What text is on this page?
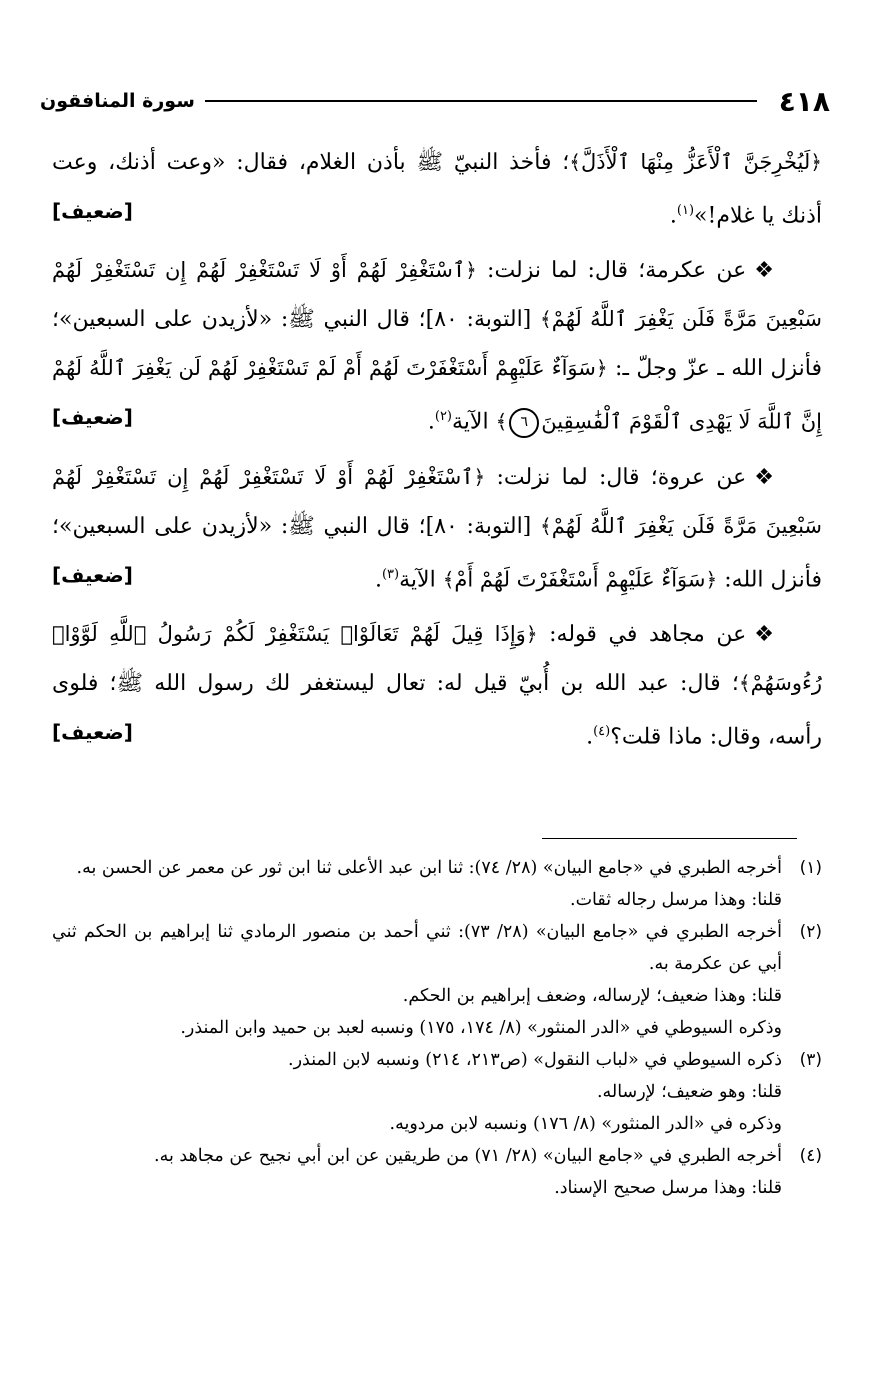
٤١٨
سورة المنافقون

﴿لَيُخْرِجَنَّ ٱلْأَعَزُّ مِنْهَا ٱلْأَذَلَّ﴾؛ فأخذ النبيّ ﷺ بأذن الغلام، فقال: «وعت أذنك، وعت أذنك يا غلام!»$^{(١)}$.
[ضعيف]

❖عن عكرمة؛ قال: لما نزلت: ﴿ٱسْتَغْفِرْ لَهُمْ أَوْ لَا تَسْتَغْفِرْ لَهُمْ إِن تَسْتَغْفِرْ لَهُمْ سَبْعِينَ مَرَّةً فَلَن يَغْفِرَ ٱللَّهُ لَهُمْ﴾ [التوبة: ٨٠]؛ قال النبي ﷺ: «لأزيدن على السبعين»؛ فأنزل الله ـ عزّ وجلّ ـ: ﴿سَوَآءٌ عَلَيْهِمْ أَسْتَغْفَرْتَ لَهُمْ أَمْ لَمْ تَسْتَغْفِرْ لَهُمْ لَن يَغْفِرَ ٱللَّهُ لَهُمْ إِنَّ ٱللَّهَ لَا يَهْدِى ٱلْقَوْمَ ٱلْفَٰسِقِينَ٦﴾ الآية$^{(٢)}$.
[ضعيف]

❖عن عروة؛ قال: لما نزلت: ﴿ٱسْتَغْفِرْ لَهُمْ أَوْ لَا تَسْتَغْفِرْ لَهُمْ إِن تَسْتَغْفِرْ لَهُمْ سَبْعِينَ مَرَّةً فَلَن يَغْفِرَ ٱللَّهُ لَهُمْ﴾ [التوبة: ٨٠]؛ قال النبي ﷺ: «لأزيدن على السبعين»؛ فأنزل الله: ﴿سَوَآءٌ عَلَيْهِمْ أَسْتَغْفَرْتَ لَهُمْ أَمْ﴾ الآية$^{(٣)}$.
[ضعيف]

❖عن مجاهد في قوله: ﴿وَإِذَا قِيلَ لَهُمْ تَعَالَوْا۟ يَسْتَغْفِرْ لَكُمْ رَسُولُ ٱللَّهِ لَوَّوْا۟ رُءُوسَهُمْ﴾؛ قال: عبد الله بن أُبيّ قيل له: تعال ليستغفر لك رسول الله ﷺ؛ فلوى رأسه، وقال: ماذا قلت؟$^{(٤)}$.
[ضعيف]

(١)
أخرجه الطبري في «جامع البيان» (٢٨/ ٧٤): ثنا ابن عبد الأعلى ثنا ابن ثور عن معمر عن الحسن به.
قلنا: وهذا مرسل رجاله ثقات.
(٢)
أخرجه الطبري في «جامع البيان» (٢٨/ ٧٣): ثني أحمد بن منصور الرمادي ثنا إبراهيم بن الحكم ثني أبي عن عكرمة به.
قلنا: وهذا ضعيف؛ لإرساله، وضعف إبراهيم بن الحكم.
وذكره السيوطي في «الدر المنثور» (٨/ ١٧٤، ١٧٥) ونسبه لعبد بن حميد وابن المنذر.
(٣)
ذكره السيوطي في «لباب النقول» (ص٢١٣، ٢١٤) ونسبه لابن المنذر.
قلنا: وهو ضعيف؛ لإرساله.
وذكره في «الدر المنثور» (٨/ ١٧٦) ونسبه لابن مردويه.
(٤)
أخرجه الطبري في «جامع البيان» (٢٨/ ٧١) من طريقين عن ابن أبي نجيح عن مجاهد به.
قلنا: وهذا مرسل صحيح الإسناد.
